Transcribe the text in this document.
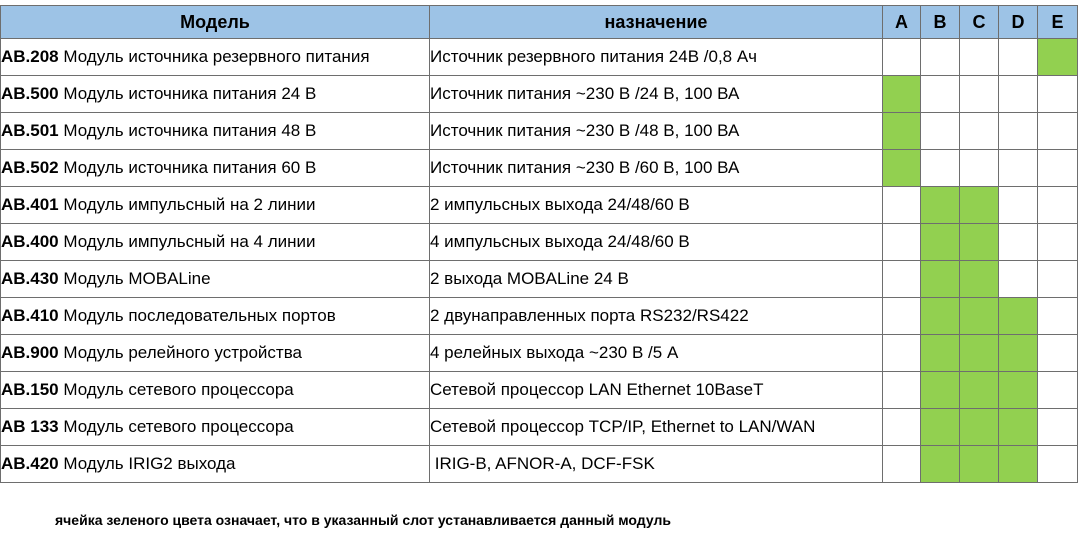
Модель	назначение	A	B	C	D	E
АВ.208 Модуль источника резервного питания	Источник резервного питания 24В /0,8 Ач					
АВ.500 Модуль источника питания 24 В	Источник питания ~230 В /24 В, 100 ВА					
АВ.501 Модуль источника питания 48 В	Источник питания ~230 В /48 В, 100 ВА					
АВ.502 Модуль источника питания 60 В	Источник питания ~230 В /60 В, 100 ВА					
АВ.401 Модуль импульсный на 2 линии	2 импульсных выхода 24/48/60 В					
АВ.400 Модуль импульсный на 4 линии	4 импульсных выхода 24/48/60 В					
АВ.430 Модуль MOBALine	2 выхода MOBALine 24 В					
АВ.410 Модуль последовательных портов	2 двунаправленных порта RS232/RS422					
АВ.900 Модуль релейного устройства	4 релейных выхода ~230 В /5 А					
АВ.150 Модуль сетевого процессора	Сетевой процессор LAN Ethernet 10BaseT					
АВ 133 Модуль сетевого процессора	Сетевой процессор TCP/IP, Ethernet to LAN/WAN					
АВ.420 Модуль IRIG2 выхода	IRIG-B, AFNOR-A, DCF-FSK					
ячейка зеленого цвета означает, что в указанный слот устанавливается данный модуль
